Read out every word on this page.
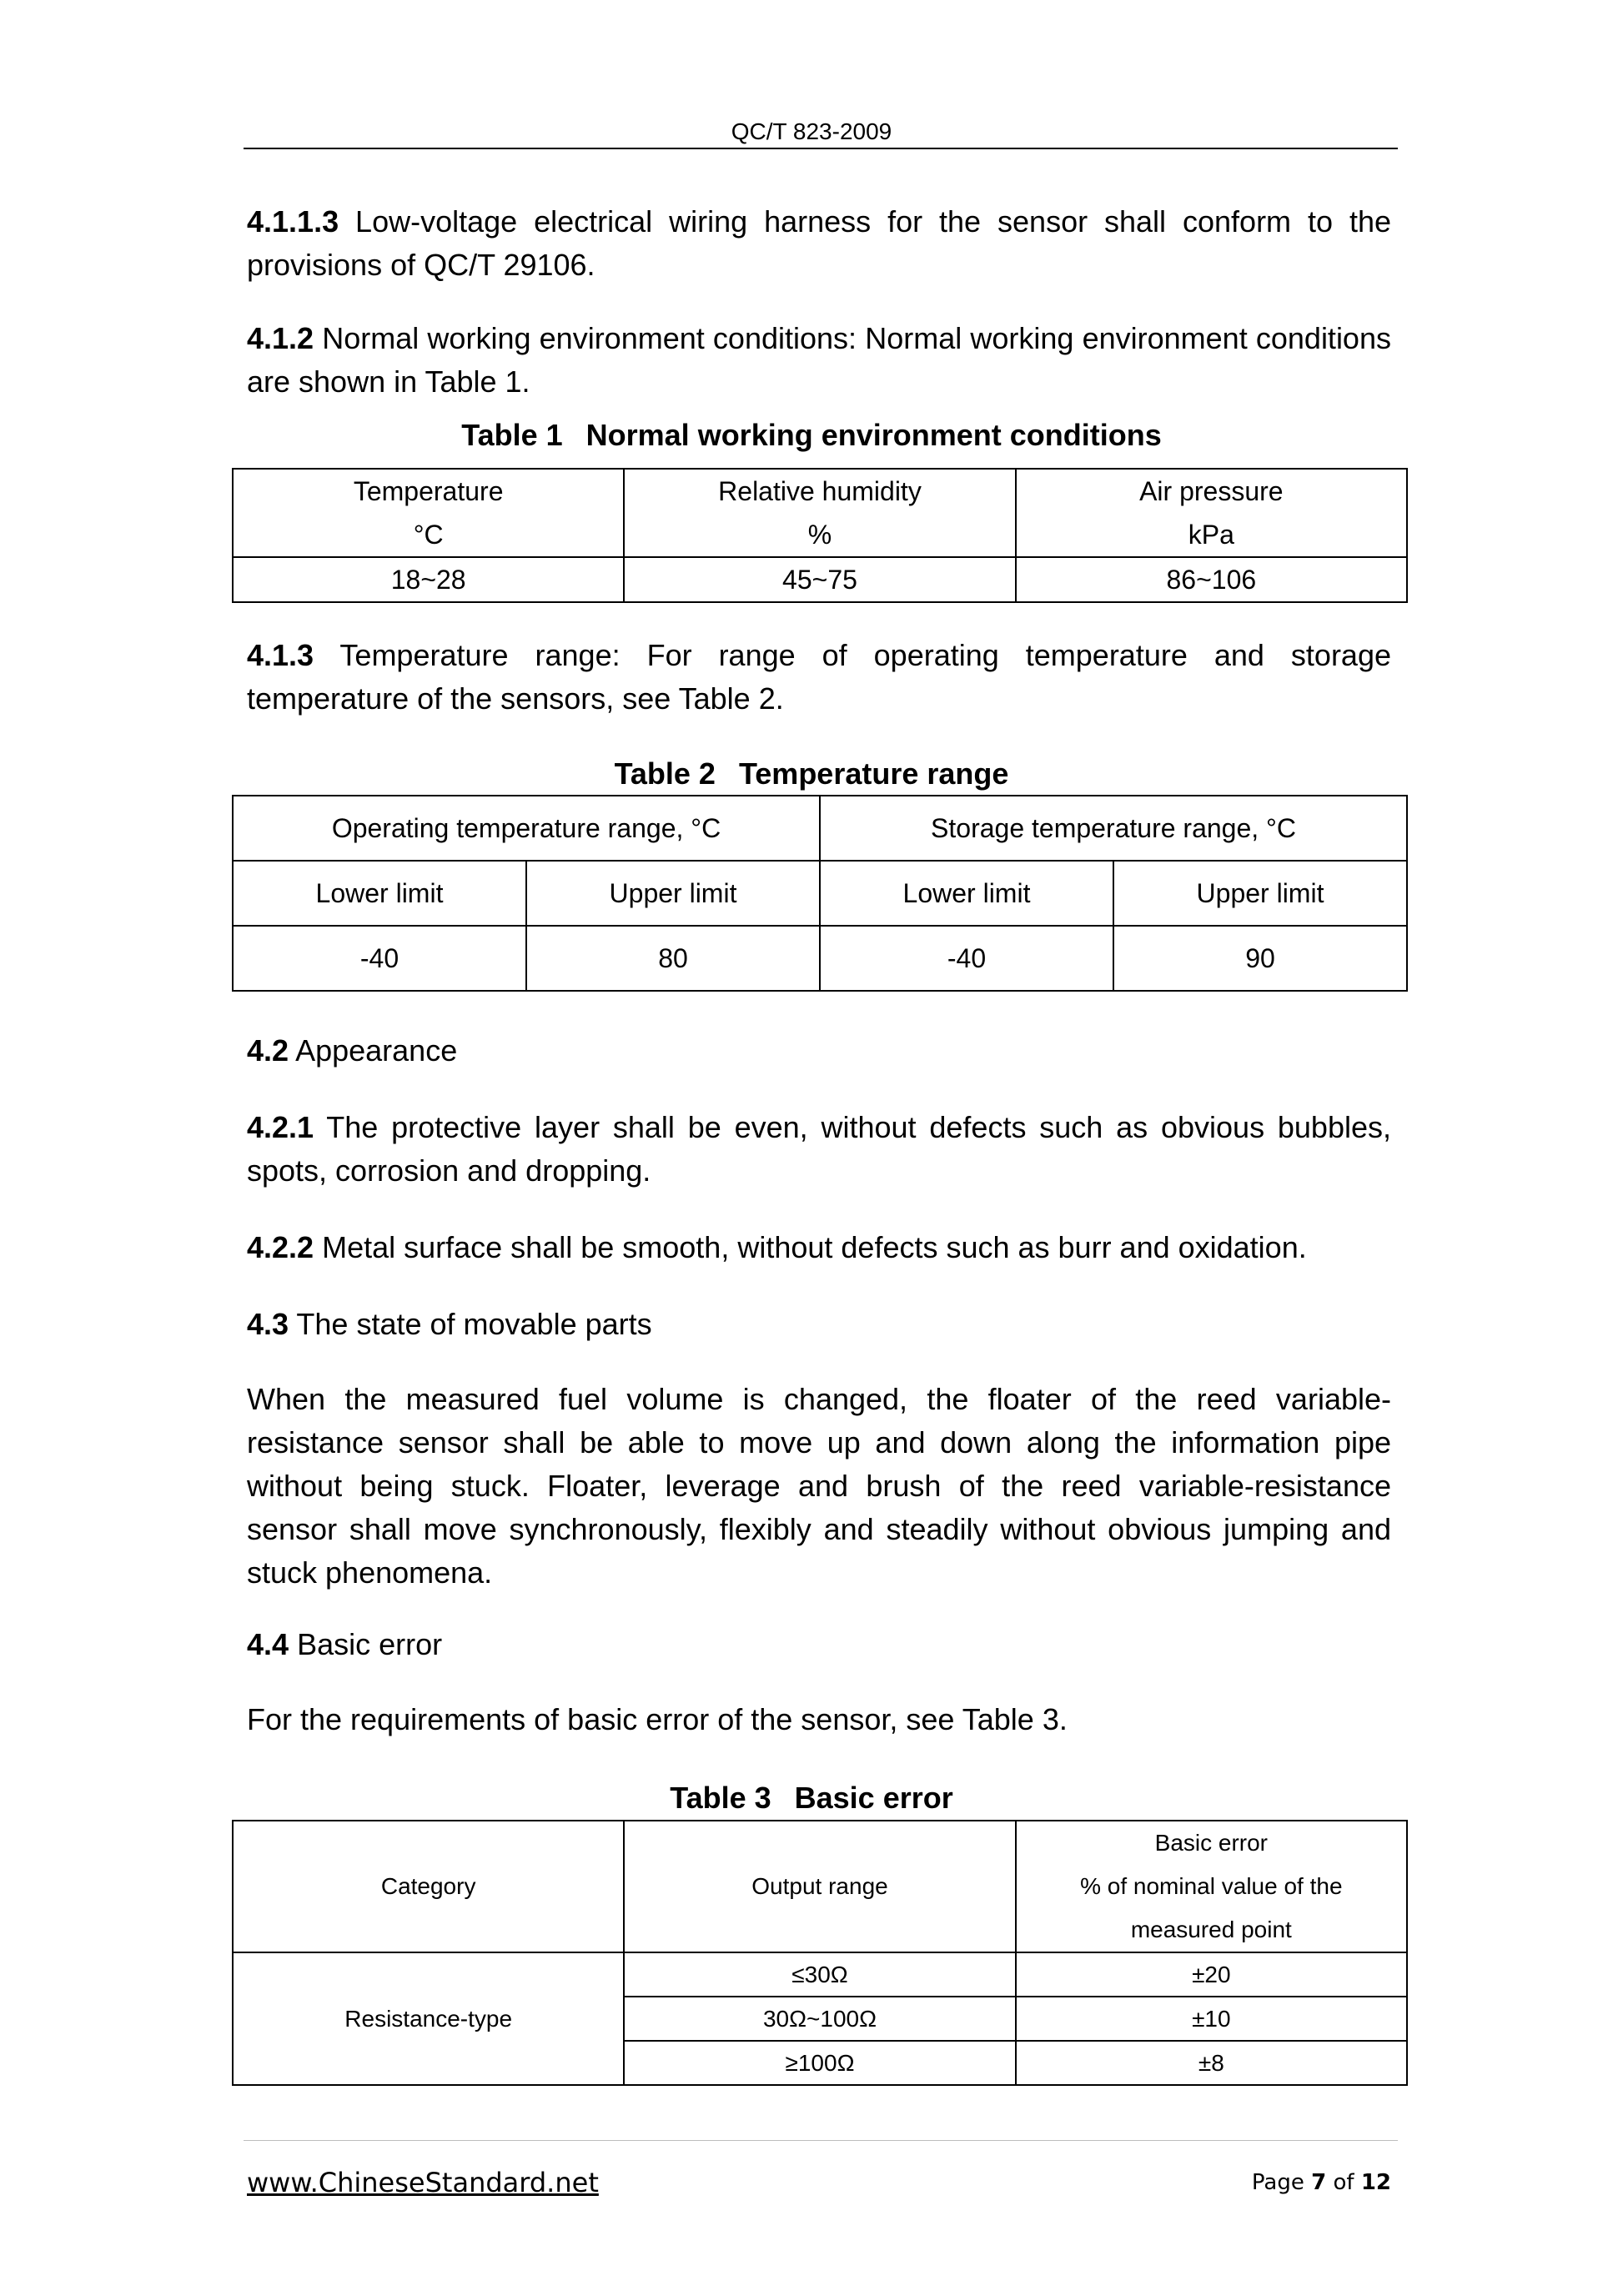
QC/T 823-2009
4.1.1.3 Low-voltage electrical wiring harness for the sensor shall conform to the provisions of QC/T 29106.
4.1.2 Normal working environment conditions: Normal working environment conditions are shown in Table 1.
Table 1 Normal working environment conditions
Temperature
°C	Relative humidity
%	Air pressure
kPa
18~28	45~75	86~106
4.1.3 Temperature range: For range of operating temperature and storage temperature of the sensors, see Table 2.
Table 2 Temperature range
Operating temperature range, °C		Storage temperature range, °C	
Lower limit	Upper limit	Lower limit	Upper limit
-40	80	-40	90
4.2 Appearance
4.2.1 The protective layer shall be even, without defects such as obvious bubbles, spots, corrosion and dropping.
4.2.2 Metal surface shall be smooth, without defects such as burr and oxidation.
4.3 The state of movable parts
When the measured fuel volume is changed, the floater of the reed variable-resistance sensor shall be able to move up and down along the information pipe without being stuck. Floater, leverage and brush of the reed variable-resistance sensor shall move synchronously, flexibly and steadily without obvious jumping and stuck phenomena.
4.4 Basic error
For the requirements of basic error of the sensor, see Table 3.
Table 3 Basic error
Category	Output range	Basic error
% of nominal value of the
measured point
Resistance-type	≤30Ω	±20
	30Ω~100Ω	±10
	≥100Ω	±8
www.ChineseStandard.net	Page 7 of 12
